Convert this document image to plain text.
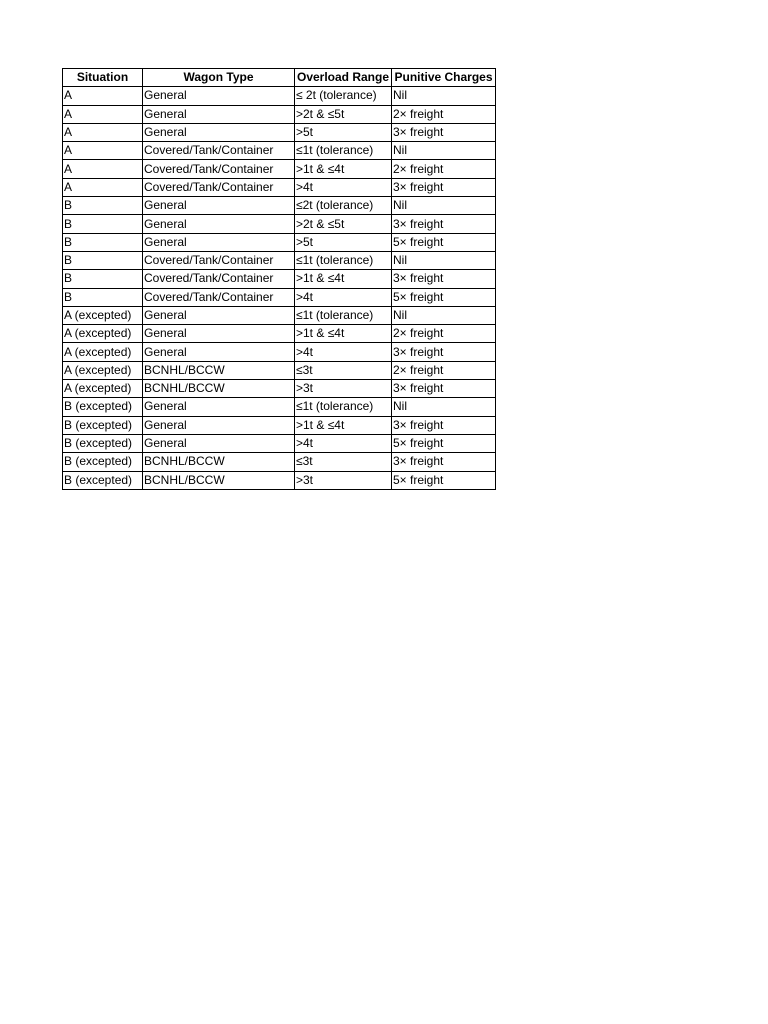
Situation	Wagon Type	Overload Range	Punitive Charges
A	General	≤ 2t (tolerance)	Nil
A	General	>2t & ≤5t	2× freight
A	General	>5t	3× freight
A	Covered/Tank/Container	≤1t (tolerance)	Nil
A	Covered/Tank/Container	>1t & ≤4t	2× freight
A	Covered/Tank/Container	>4t	3× freight
B	General	≤2t (tolerance)	Nil
B	General	>2t & ≤5t	3× freight
B	General	>5t	5× freight
B	Covered/Tank/Container	≤1t (tolerance)	Nil
B	Covered/Tank/Container	>1t & ≤4t	3× freight
B	Covered/Tank/Container	>4t	5× freight
A (excepted)	General	≤1t (tolerance)	Nil
A (excepted)	General	>1t & ≤4t	2× freight
A (excepted)	General	>4t	3× freight
A (excepted)	BCNHL/BCCW	≤3t	2× freight
A (excepted)	BCNHL/BCCW	>3t	3× freight
B (excepted)	General	≤1t (tolerance)	Nil
B (excepted)	General	>1t & ≤4t	3× freight
B (excepted)	General	>4t	5× freight
B (excepted)	BCNHL/BCCW	≤3t	3× freight
B (excepted)	BCNHL/BCCW	>3t	5× freight
